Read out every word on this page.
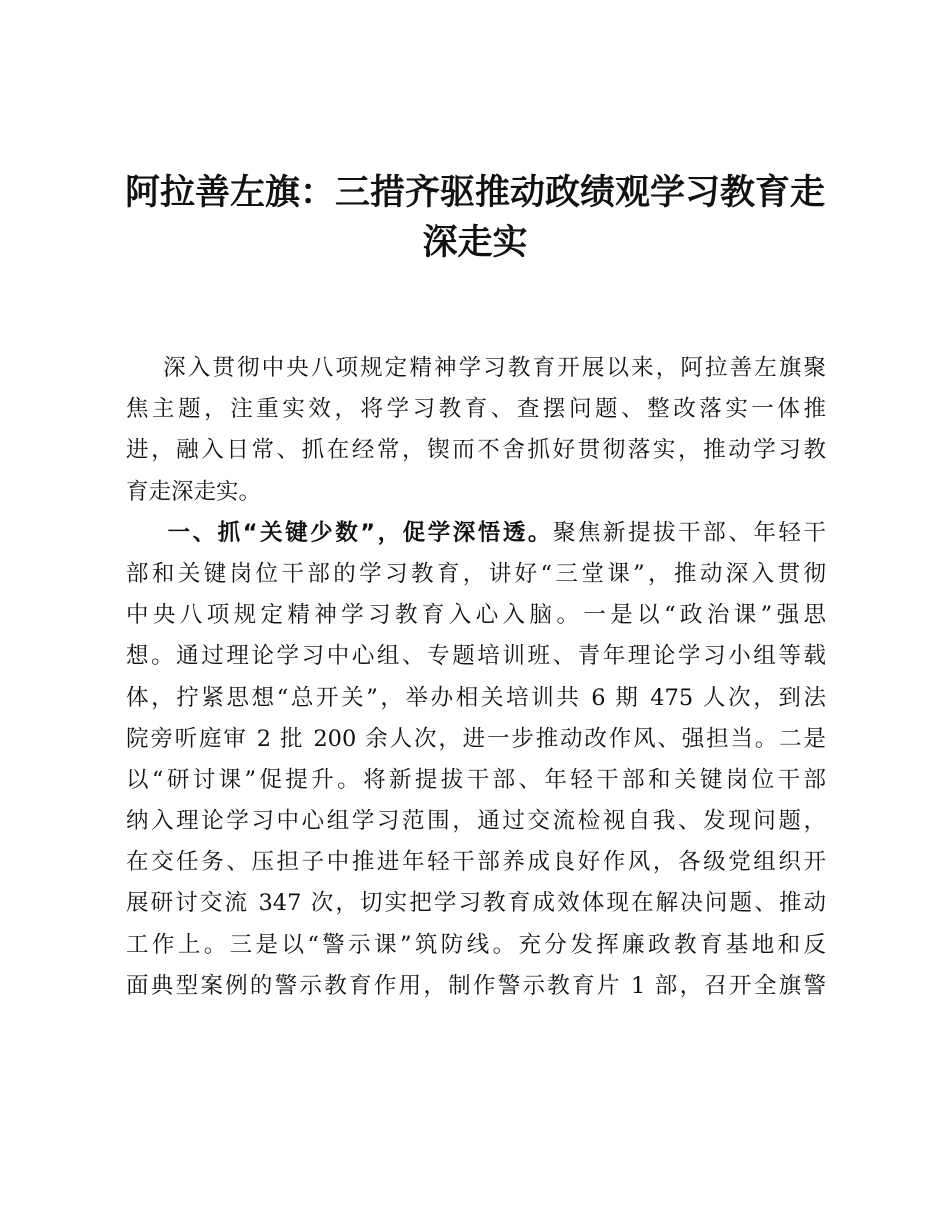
阿拉善左旗：三措齐驱推动政绩观学习教育走
深走实
深入贯彻中央八项规定精神学习教育开展以来，阿拉善左旗聚
焦主题，注重实效，将学习教育、查摆问题、整改落实一体推
进，融入日常、抓在经常，锲而不舍抓好贯彻落实，推动学习教
育走深走实。
一、抓“关键少数”，促学深悟透。聚焦新提拔干部、年轻干
部和关键岗位干部的学习教育，讲好“三堂课”，推动深入贯彻
中央八项规定精神学习教育入心入脑。一是以“政治课”强思
想。通过理论学习中心组、专题培训班、青年理论学习小组等载
体，拧紧思想“总开关”，举办相关培训共 6 期 475 人次，到法
院旁听庭审 2 批 200 余人次，进一步推动改作风、强担当。二是
以“研讨课”促提升。将新提拔干部、年轻干部和关键岗位干部
纳入理论学习中心组学习范围，通过交流检视自我、发现问题，
在交任务、压担子中推进年轻干部养成良好作风，各级党组织开
展研讨交流 347 次，切实把学习教育成效体现在解决问题、推动
工作上。三是以“警示课”筑防线。充分发挥廉政教育基地和反
面典型案例的警示教育作用，制作警示教育片 1 部，召开全旗警
